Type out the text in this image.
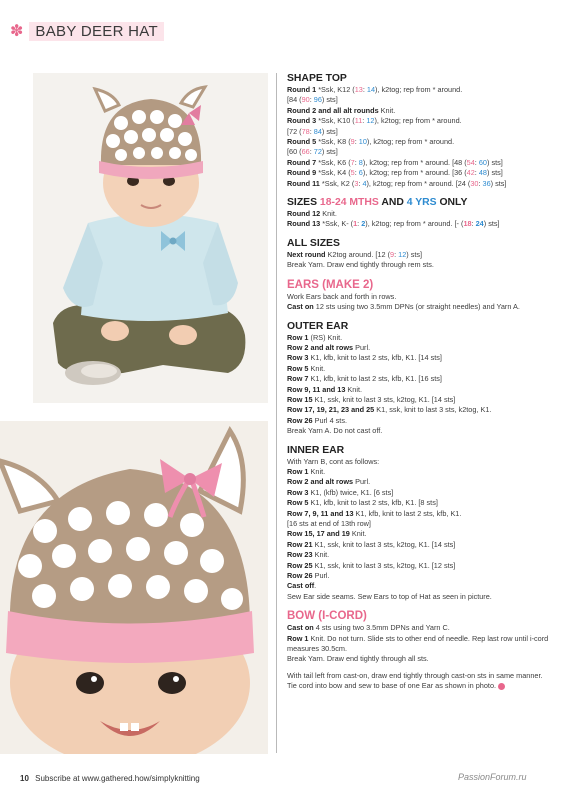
✽ BABY DEER HAT
SHAPE TOP

Round 1 *Ssk, K12 (13: 14), k2tog; rep from * around.

[84 (90: 96) sts]

Round 2 and all alt rounds Knit.

Round 3 *Ssk, K10 (11: 12), k2tog; rep from * around.

[72 (78: 84) sts]

Round 5 *Ssk, K8 (9: 10), k2tog; rep from * around.

[60 (66: 72) sts]

Round 7 *Ssk, K6 (7: 8), k2tog; rep from * around. [48 (54: 60) sts]

Round 9 *Ssk, K4 (5: 6), k2tog; rep from * around. [36 (42: 48) sts]

Round 11 *Ssk, K2 (3: 4), k2tog; rep from * around. [24 (30: 36) sts]

SIZES 18-24 MTHS AND 4 YRS ONLY

Round 12 Knit.

Round 13 *Ssk, K- (1: 2), k2tog; rep from * around. [- (18: 24) sts]

ALL SIZES

Next round K2tog around. [12 (9: 12) sts]

Break Yarn. Draw end tightly through rem sts.

EARS (MAKE 2)

Work Ears back and forth in rows.

Cast on 12 sts using two 3.5mm DPNs (or straight needles) and Yarn A.

OUTER EAR

Row 1 (RS) Knit.

Row 2 and alt rows Purl.

Row 3 K1, kfb, knit to last 2 sts, kfb, K1. [14 sts]

Row 5 Knit.

Row 7 K1, kfb, knit to last 2 sts, kfb, K1. [16 sts]

Row 9, 11 and 13 Knit.

Row 15 K1, ssk, knit to last 3 sts, k2tog, K1. [14 sts]

Row 17, 19, 21, 23 and 25 K1, ssk, knit to last 3 sts, k2tog, K1.

Row 26 Purl 4 sts.

Break Yarn A. Do not cast off.

INNER EAR

With Yarn B, cont as follows:

Row 1 Knit.

Row 2 and alt rows Purl.

Row 3 K1, (kfb) twice, K1. [6 sts]

Row 5 K1, kfb, knit to last 2 sts, kfb, K1. [8 sts]

Row 7, 9, 11 and 13 K1, kfb, knit to last 2 sts, kfb, K1.

[16 sts at end of 13th row]

Row 15, 17 and 19 Knit.

Row 21 K1, ssk, knit to last 3 sts, k2tog, K1. [14 sts]

Row 23 Knit.

Row 25 K1, ssk, knit to last 3 sts, k2tog, K1. [12 sts]

Row 26 Purl.

Cast off.

Sew Ear side seams. Sew Ears to top of Hat as seen in picture.

BOW (I-CORD)

Cast on 4 sts using two 3.5mm DPNs and Yarn C.

Row 1 Knit. Do not turn. Slide sts to other end of needle. Rep last row until i-cord measures 30.5cm.

Break Yarn. Draw end tightly through all sts.

With tail left from cast-on, draw end tightly through cast-on sts in same manner. Tie cord into bow and sew to base of one Ear as shown in photo.

10 Subscribe at www.gathered.how/simplyknitting	PassionForum.ru
